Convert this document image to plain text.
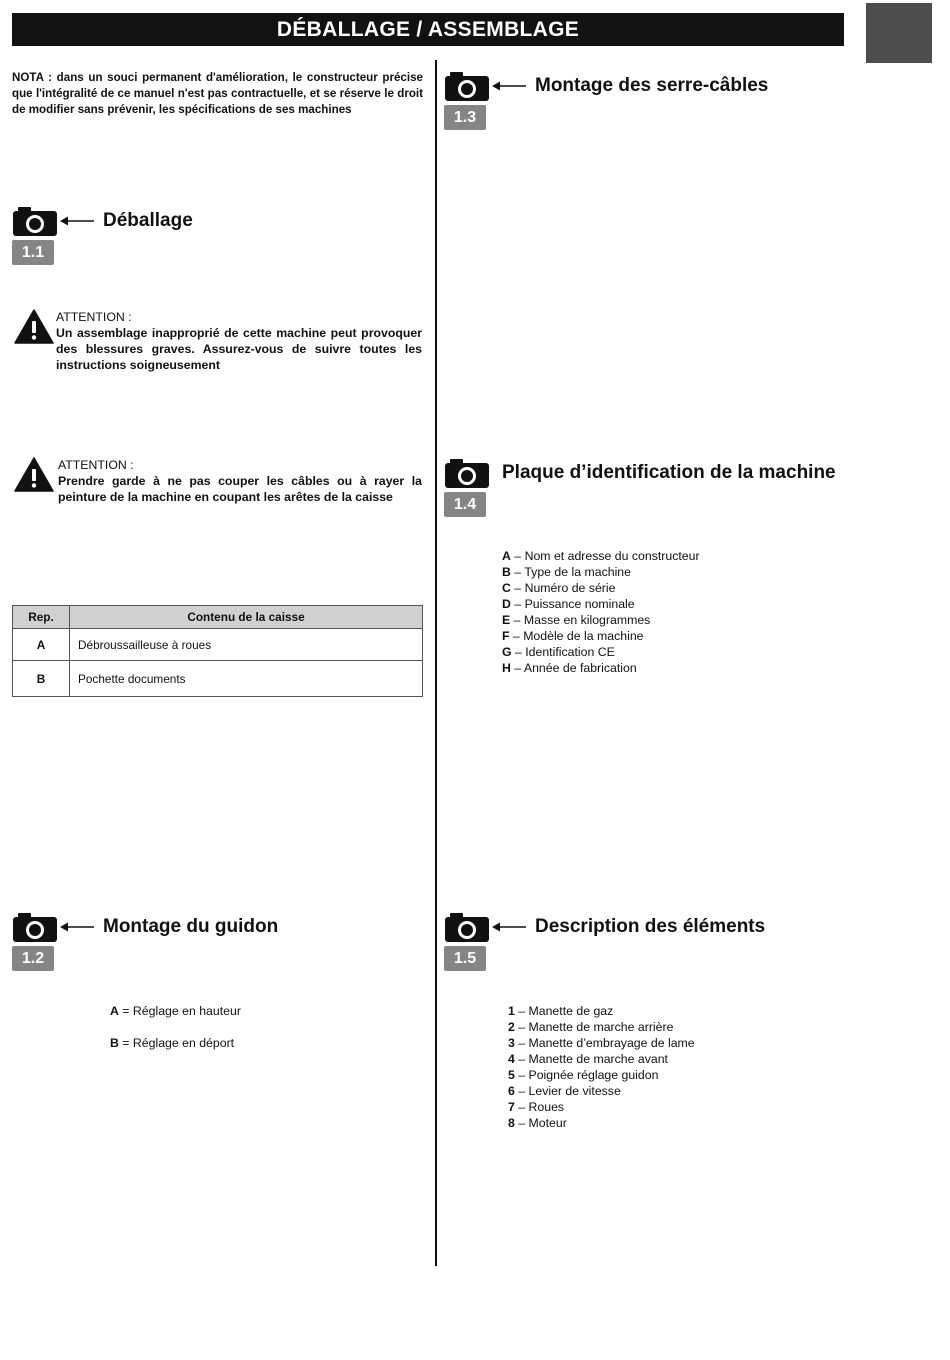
DÉBALLAGE / ASSEMBLAGE
NOTA : dans un souci permanent d'amélioration, le constructeur précise que l'intégralité de ce manuel n'est pas contractuelle, et se réserve le droit de modifier sans prévenir, les spécifications de ses machines
Déballage
1.1
ATTENTION :
Un assemblage inapproprié de cette machine peut provoquer des blessures graves. Assurez-vous de suivre toutes les instructions soigneusement
ATTENTION :
Prendre garde à ne pas couper les câbles ou à rayer la peinture de la machine en coupant les arêtes de la caisse
Rep.	Contenu de la caisse
A	Débroussailleuse à roues
B	Pochette documents
Montage du guidon
1.2
A = Réglage en hauteur
B = Réglage en déport
Montage des serre-câbles
1.3
Plaque d’identification de la machine
1.4
A – Nom et adresse du constructeur
B – Type de la machine
C – Numéro de série
D – Puissance nominale
E – Masse en kilogrammes
F – Modèle de la machine
G – Identification CE
H – Année de fabrication
Description des éléments
1.5
1 – Manette de gaz
2 – Manette de marche arrière
3 – Manette d’embrayage de lame
4 – Manette de marche avant
5 – Poignée réglage guidon
6 – Levier de vitesse
7 – Roues
8 – Moteur
